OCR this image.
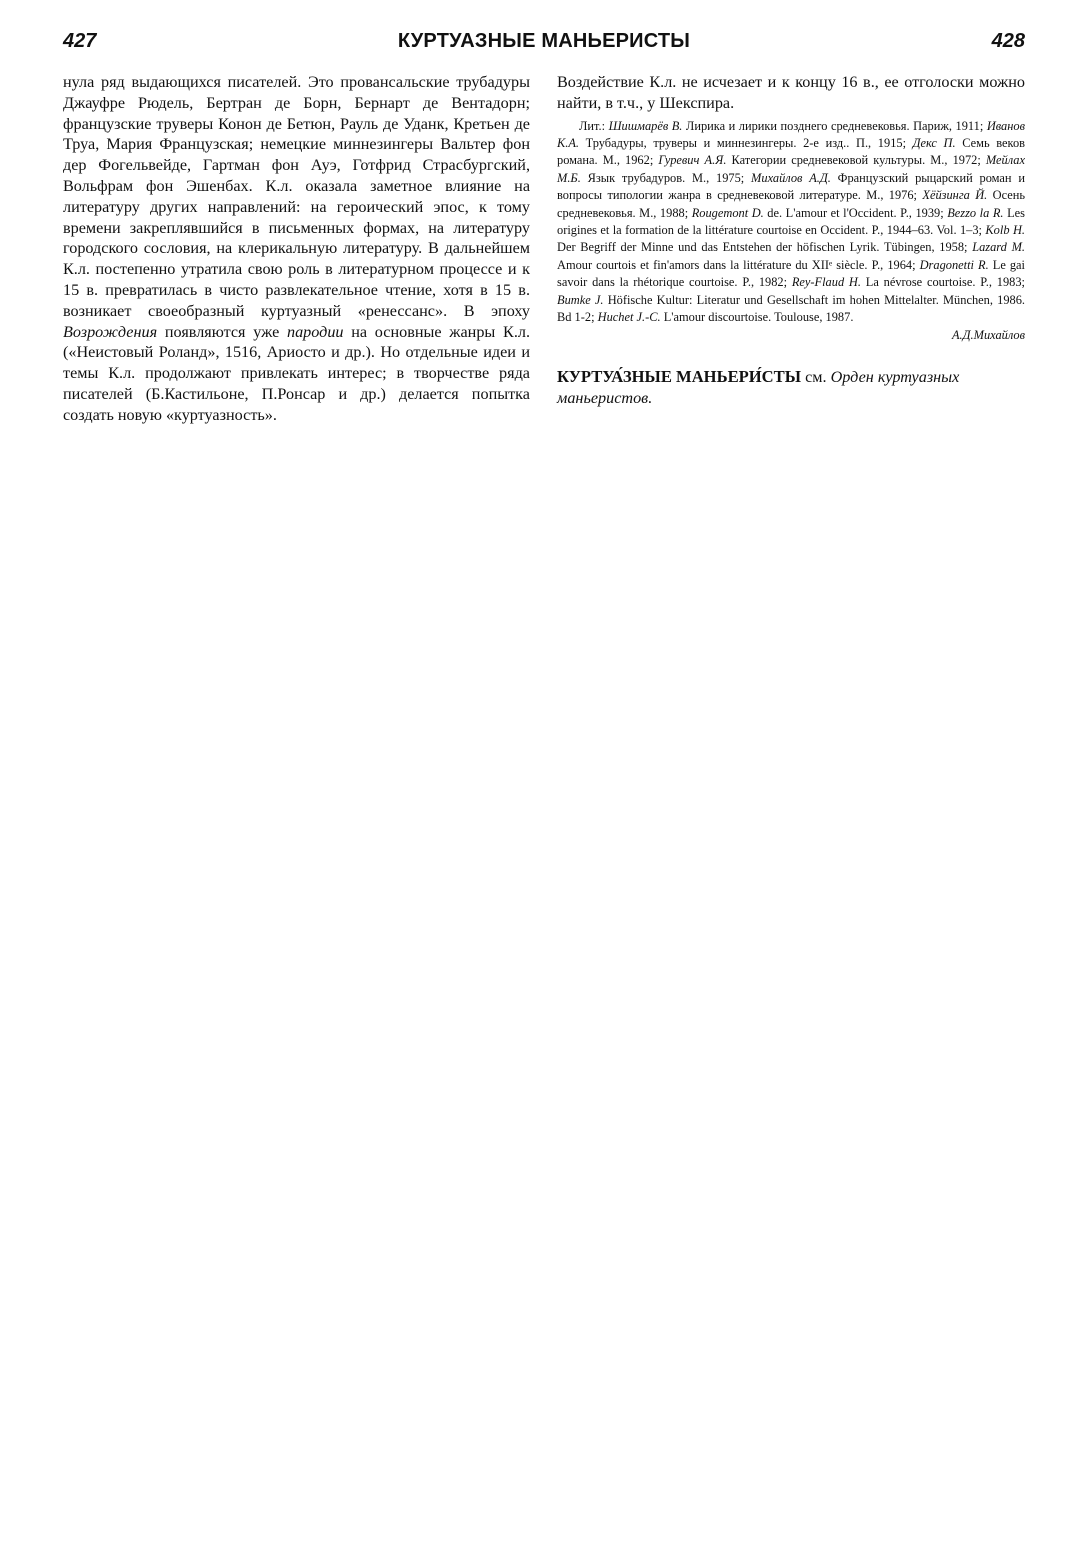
427	КУРТУАЗНЫЕ МАНЬЕРИСТЫ	428

нула ряд выдающихся писателей. Это провансальские трубадуры Джауфре Рюдель, Бертран де Борн, Бернарт де Вентадорн; французские труверы Конон де Бетюн, Рауль де Уданк, Кретьен де Труа, Мария Французская; немецкие миннезингеры Вальтер фон дер Фогельвейде, Гартман фон Ауэ, Готфрид Страсбургский, Вольфрам фон Эшенбах. К.л. оказала заметное влияние на литературу других направлений: на героический эпос, к тому времени закреплявшийся в письменных формах, на литературу городского сословия, на клерикальную литературу. В дальнейшем К.л. постепенно утратила свою роль в литературном процессе и к 15 в. превратилась в чисто развлекательное чтение, хотя в 15 в. возникает своеобразный куртуазный «ренессанс». В эпоху Возрождения появляются уже пародии на основные жанры К.л. («Неистовый Роланд», 1516, Ариосто и др.). Но отдельные идеи и темы К.л. продолжают привлекать интерес; в творчестве ряда писателей (Б.Кастильоне, П.Ронсар и др.) делается попытка создать новую «куртуазность».

Воздействие К.л. не исчезает и к концу 16 в., ее отголоски можно найти, в т.ч., у Шекспира.

Лит.: Шишмарёв В. Лирика и лирики позднего средневековья. Париж, 1911; Иванов К.А. Трубадуры, труверы и миннезингеры. 2-е изд.. П., 1915; Декс П. Семь веков романа. М., 1962; Гуревич А.Я. Категории средневековой культуры. М., 1972; Мейлах М.Б. Язык трубадуров. М., 1975; Михайлов А.Д. Французский рыцарский роман и вопросы типологии жанра в средневековой литературе. М., 1976; Хёйзинга Й. Осень средневековья. М., 1988; Rougemont D. de. L'amour et l'Occident. P., 1939; Bezzo la R. Les origines et la formation de la littérature courtoise en Occident. P., 1944–63. Vol. 1–3; Kolb H. Der Begriff der Minne und das Entstehen der höfischen Lyrik. Tübingen, 1958; Lazard M. Amour courtois et fin'amors dans la littérature du XIIᵉ siècle. P., 1964; Dragonetti R. Le gai savoir dans la rhétorique courtoise. P., 1982; Rey-Flaud H. La névrose courtoise. P., 1983; Bumke J. Höfische Kultur: Literatur und Gesellschaft im hohen Mittelalter. München, 1986. Bd 1-2; Huchet J.-C. L'amour discourtoise. Toulouse, 1987.

А.Д.Михайлов

КУРТУА́ЗНЫЕ МАНЬЕРИ́СТЫ см. Орден куртуазных маньеристов.
